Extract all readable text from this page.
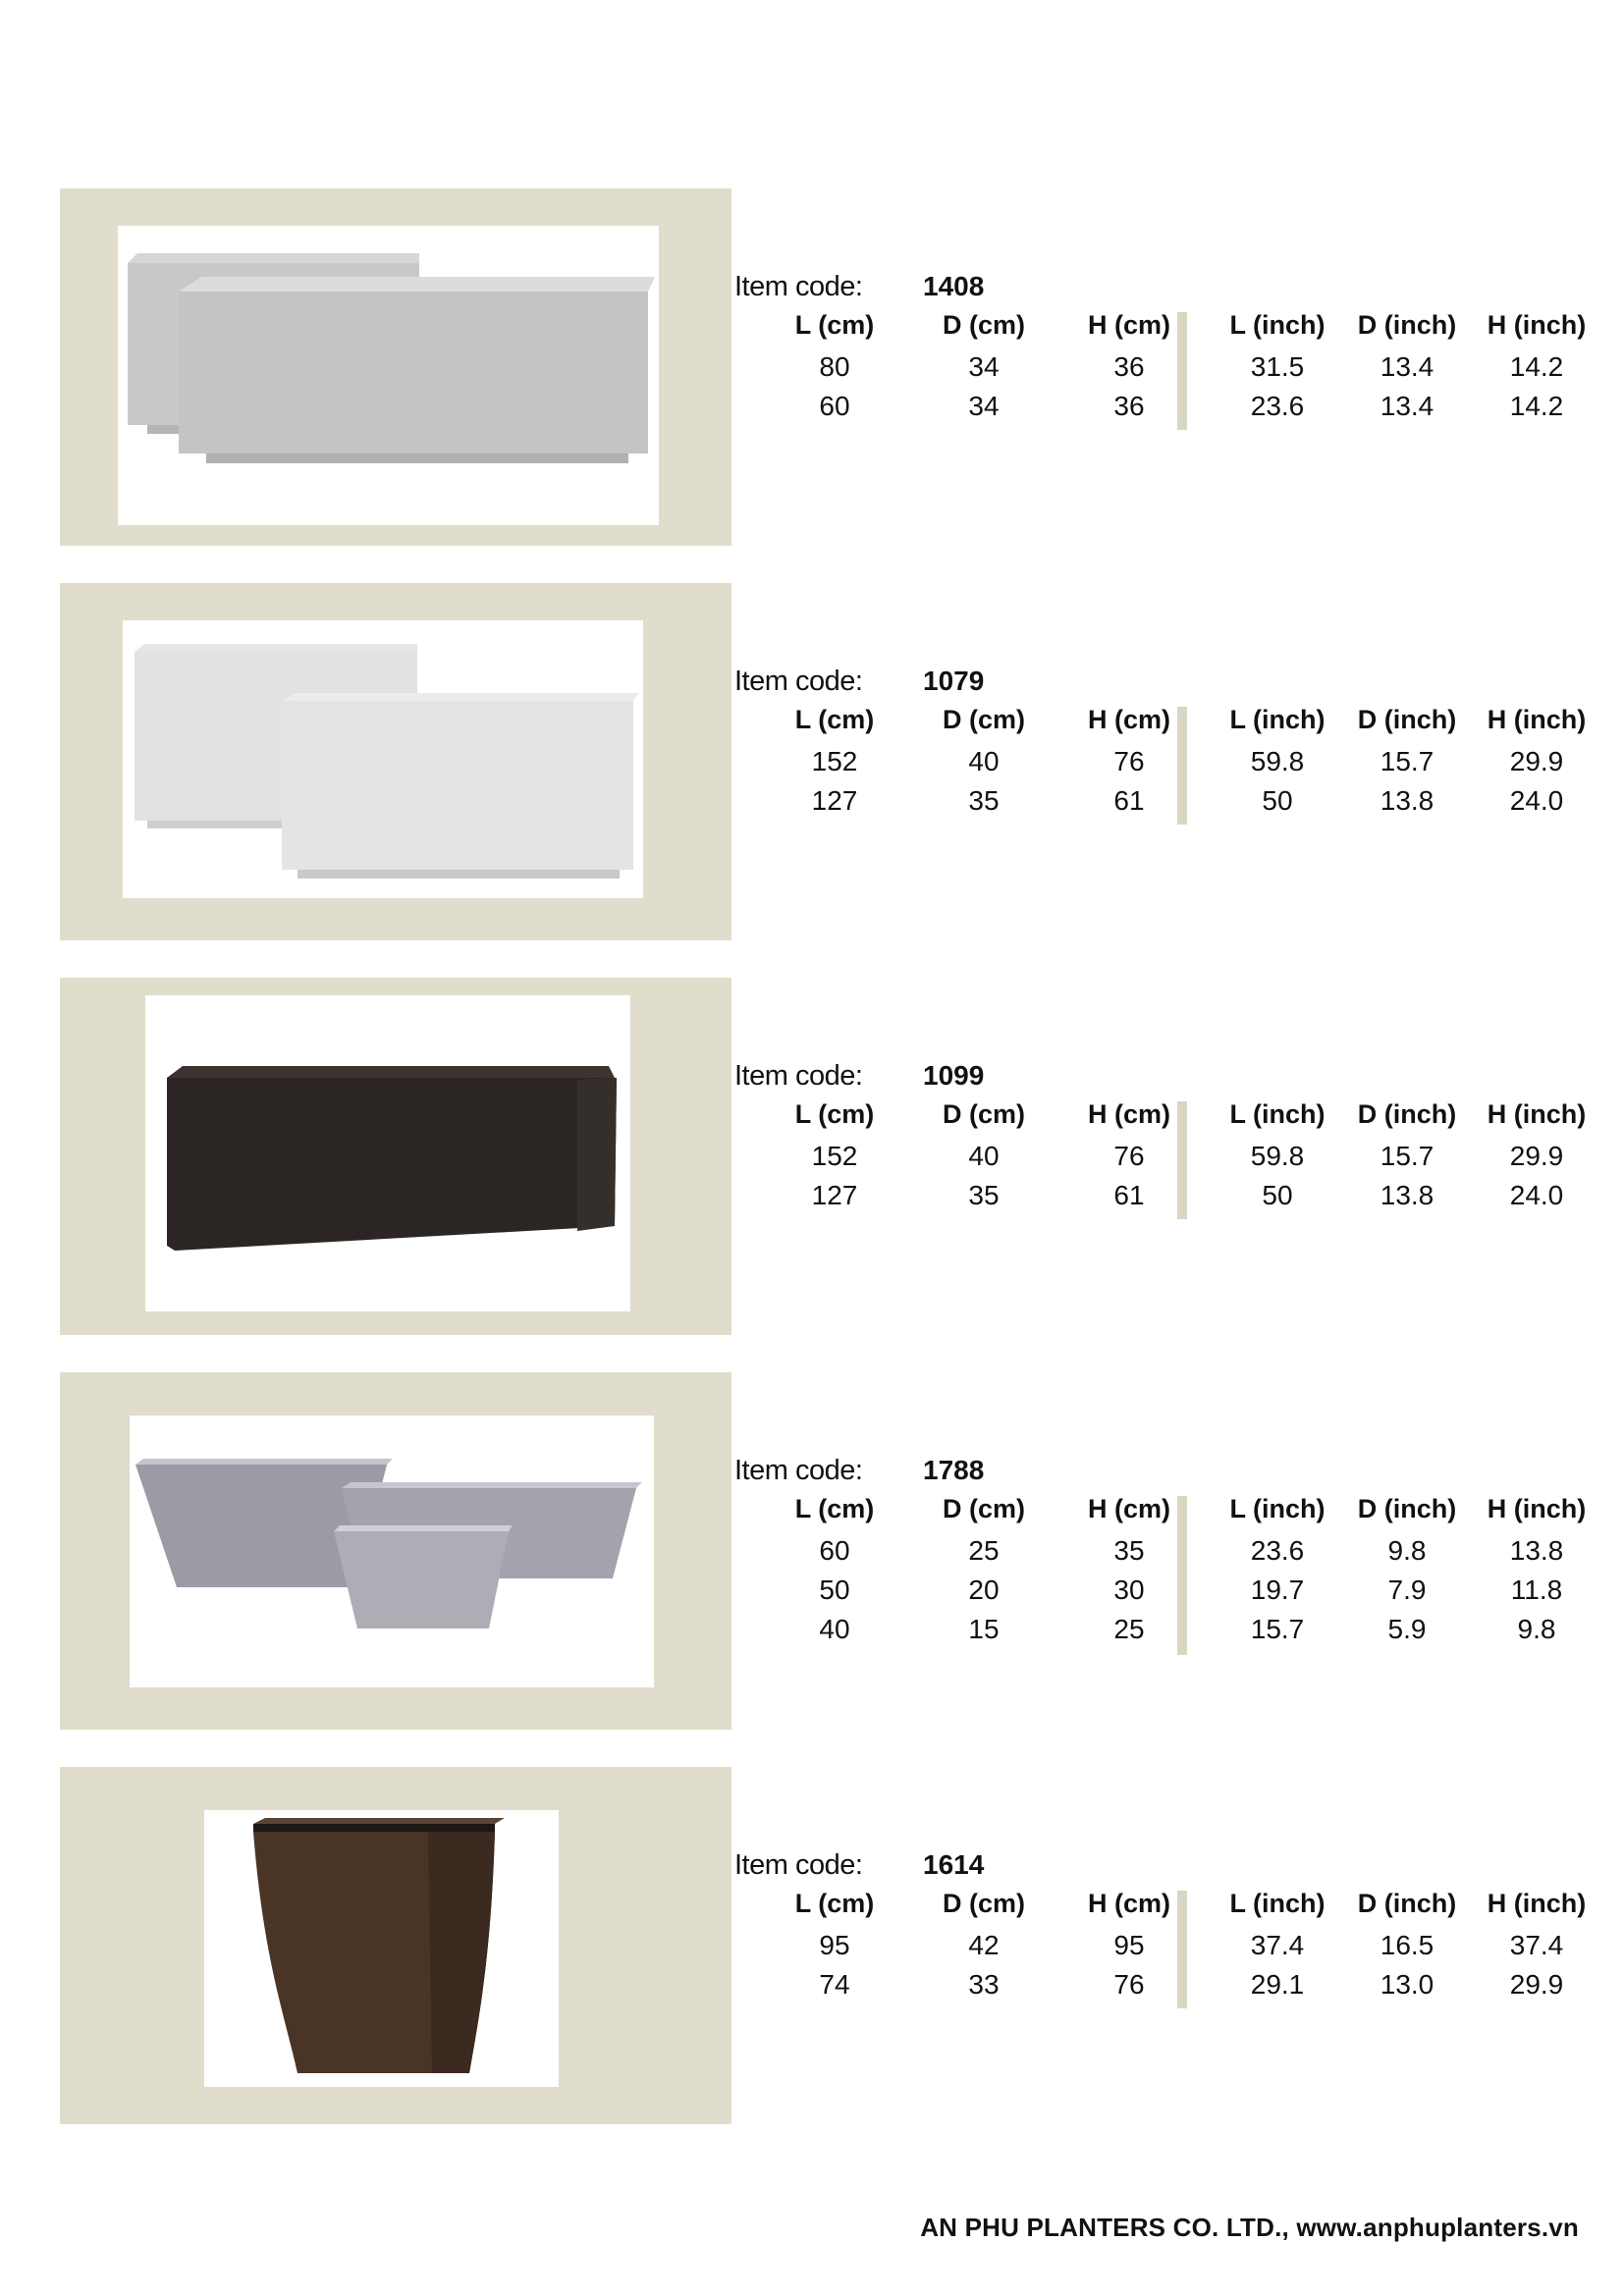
Item code: 1408
L (cm)	D (cm)	H (cm)	L (inch)	D (inch)	H (inch)
80	34	36	31.5	13.4	14.2
60	34	36	23.6	13.4	14.2
Item code: 1079
L (cm)	D (cm)	H (cm)	L (inch)	D (inch)	H (inch)
152	40	76	59.8	15.7	29.9
127	35	61	50	13.8	24.0
Item code: 1099
L (cm)	D (cm)	H (cm)	L (inch)	D (inch)	H (inch)
152	40	76	59.8	15.7	29.9
127	35	61	50	13.8	24.0
Item code: 1788
L (cm)	D (cm)	H (cm)	L (inch)	D (inch)	H (inch)
60	25	35	23.6	9.8	13.8
50	20	30	19.7	7.9	11.8
40	15	25	15.7	5.9	9.8
Item code: 1614
L (cm)	D (cm)	H (cm)	L (inch)	D (inch)	H (inch)
95	42	95	37.4	16.5	37.4
74	33	76	29.1	13.0	29.9
AN PHU PLANTERS CO. LTD., www.anphuplanters.vn
